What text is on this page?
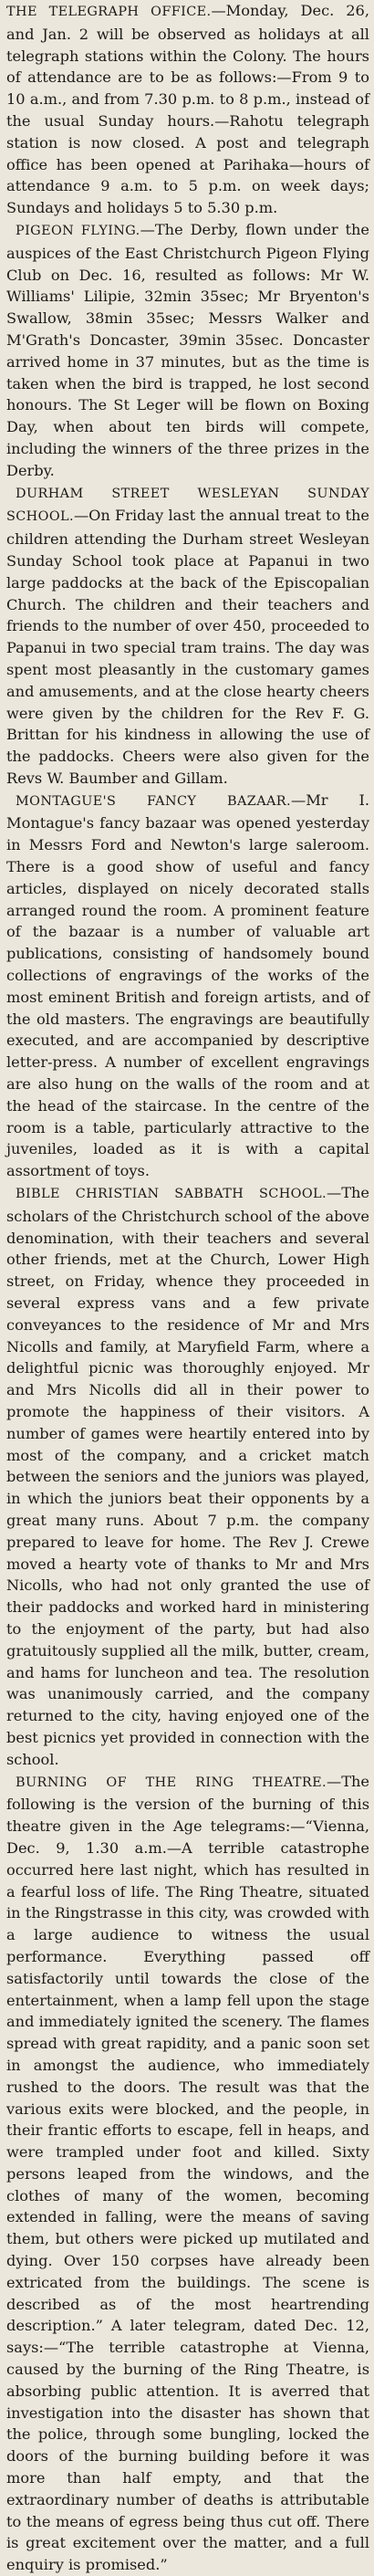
THE TELEGRAPH OFFICE.—Monday, Dec. 26, and Jan. 2 will be observed as holidays at all telegraph stations within the Colony. The hours of attendance are to be as follows:—From 9 to 10 a.m., and from 7.30 p.m. to 8 p.m., instead of the usual Sunday hours.—Rahotu telegraph station is now closed. A post and telegraph office has been opened at Parihaka—hours of attendance 9 a.m. to 5 p.m. on week days; Sundays and holidays 5 to 5.30 p.m.

PIGEON FLYING.—The Derby, flown under the auspices of the East Christchurch Pigeon Flying Club on Dec. 16, resulted as follows: Mr W. Williams' Lilipie, 32min 35sec; Mr Bryenton's Swallow, 38min 35sec; Messrs Walker and M'Grath's Doncaster, 39min 35sec. Doncaster arrived home in 37 minutes, but as the time is taken when the bird is trapped, he lost second honours. The St Leger will be flown on Boxing Day, when about ten birds will compete, including the winners of the three prizes in the Derby.

DURHAM STREET WESLEYAN SUNDAY SCHOOL.—On Friday last the annual treat to the children attending the Durham street Wesleyan Sunday School took place at Papanui in two large paddocks at the back of the Episcopalian Church. The children and their teachers and friends to the number of over 450, proceeded to Papanui in two special tram trains. The day was spent most pleasantly in the customary games and amusements, and at the close hearty cheers were given by the children for the Rev F. G. Brittan for his kindness in allowing the use of the paddocks. Cheers were also given for the Revs W. Baumber and Gillam.

MONTAGUE'S FANCY BAZAAR.—Mr I. Montague's fancy bazaar was opened yesterday in Messrs Ford and Newton's large saleroom. There is a good show of useful and fancy articles, displayed on nicely decorated stalls arranged round the room. A prominent feature of the bazaar is a number of valuable art publications, consisting of handsomely bound collections of engravings of the works of the most eminent British and foreign artists, and of the old masters. The engravings are beautifully executed, and are accompanied by descriptive letter-press. A number of excellent engravings are also hung on the walls of the room and at the head of the staircase. In the centre of the room is a table, particularly attractive to the juveniles, loaded as it is with a capital assortment of toys.

BIBLE CHRISTIAN SABBATH SCHOOL.—The scholars of the Christchurch school of the above denomination, with their teachers and several other friends, met at the Church, Lower High street, on Friday, whence they proceeded in several express vans and a few private conveyances to the residence of Mr and Mrs Nicolls and family, at Maryfield Farm, where a delightful picnic was thoroughly enjoyed. Mr and Mrs Nicolls did all in their power to promote the happiness of their visitors. A number of games were heartily entered into by most of the company, and a cricket match between the seniors and the juniors was played, in which the juniors beat their opponents by a great many runs. About 7 p.m. the company prepared to leave for home. The Rev J. Crewe moved a hearty vote of thanks to Mr and Mrs Nicolls, who had not only granted the use of their paddocks and worked hard in ministering to the enjoyment of the party, but had also gratuitously supplied all the milk, butter, cream, and hams for luncheon and tea. The resolution was unanimously carried, and the company returned to the city, having enjoyed one of the best picnics yet provided in connection with the school.

BURNING OF THE RING THEATRE.—The following is the version of the burning of this theatre given in the Age telegrams:—“Vienna, Dec. 9, 1.30 a.m.—A terrible catastrophe occurred here last night, which has resulted in a fearful loss of life. The Ring Theatre, situated in the Ringstrasse in this city, was crowded with a large audience to witness the usual performance. Everything passed off satisfactorily until towards the close of the entertainment, when a lamp fell upon the stage and immediately ignited the scenery. The flames spread with great rapidity, and a panic soon set in amongst the audience, who immediately rushed to the doors. The result was that the various exits were blocked, and the people, in their frantic efforts to escape, fell in heaps, and were trampled under foot and killed. Sixty persons leaped from the windows, and the clothes of many of the women, becoming extended in falling, were the means of saving them, but others were picked up mutilated and dying. Over 150 corpses have already been extricated from the buildings. The scene is described as of the most heartrending description.” A later telegram, dated Dec. 12, says:—“The terrible catastrophe at Vienna, caused by the burning of the Ring Theatre, is absorbing public attention. It is averred that investigation into the disaster has shown that the police, through some bungling, locked the doors of the burning building before it was more than half empty, and that the extraordinary number of deaths is attributable to the means of egress being thus cut off. There is great excitement over the matter, and a full enquiry is promised.”
